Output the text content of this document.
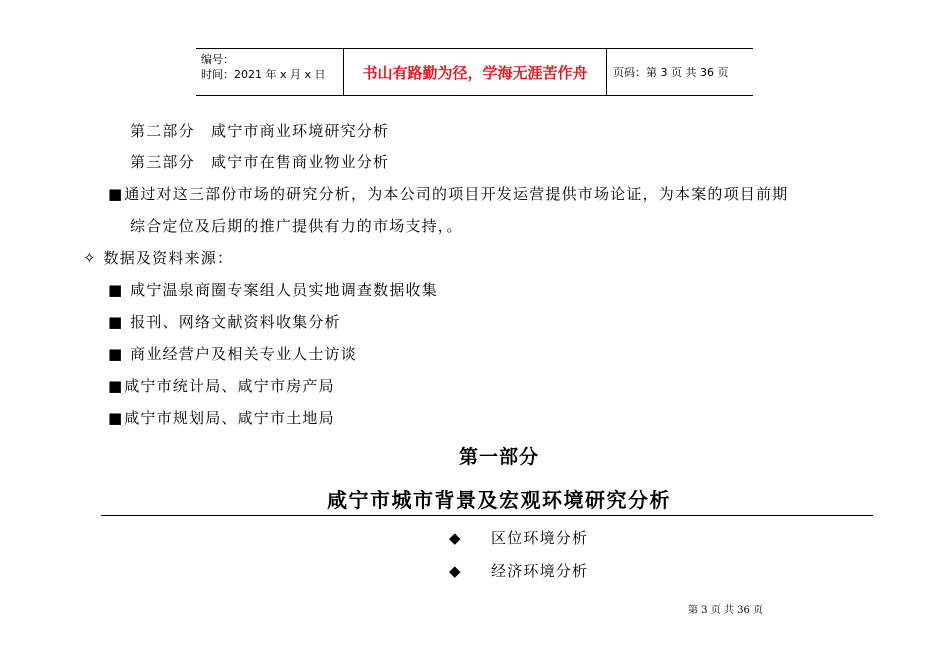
编号：
时间：2021 年 x 月 x 日	书山有路勤为径，学海无涯苦作舟	页码：第 3 页 共 36 页
第二部分　咸宁市商业环境研究分析
第三部分　咸宁市在售商业物业分析
■ 通过对这三部份市场的研究分析，为本公司的项目开发运营提供市场论证，为本案的项目前期
综合定位及后期的推广提供有力的市场支持，。
✧ 数据及资料来源：
■ 咸宁温泉商圈专案组人员实地调查数据收集
■ 报刊、网络文献资料收集分析
■ 商业经营户及相关专业人士访谈
■ 咸宁市统计局、咸宁市房产局
■ 咸宁市规划局、咸宁市土地局
第一部分
咸宁市城市背景及宏观环境研究分析
◆ 区位环境分析
◆ 经济环境分析
第 3 页 共 36 页
